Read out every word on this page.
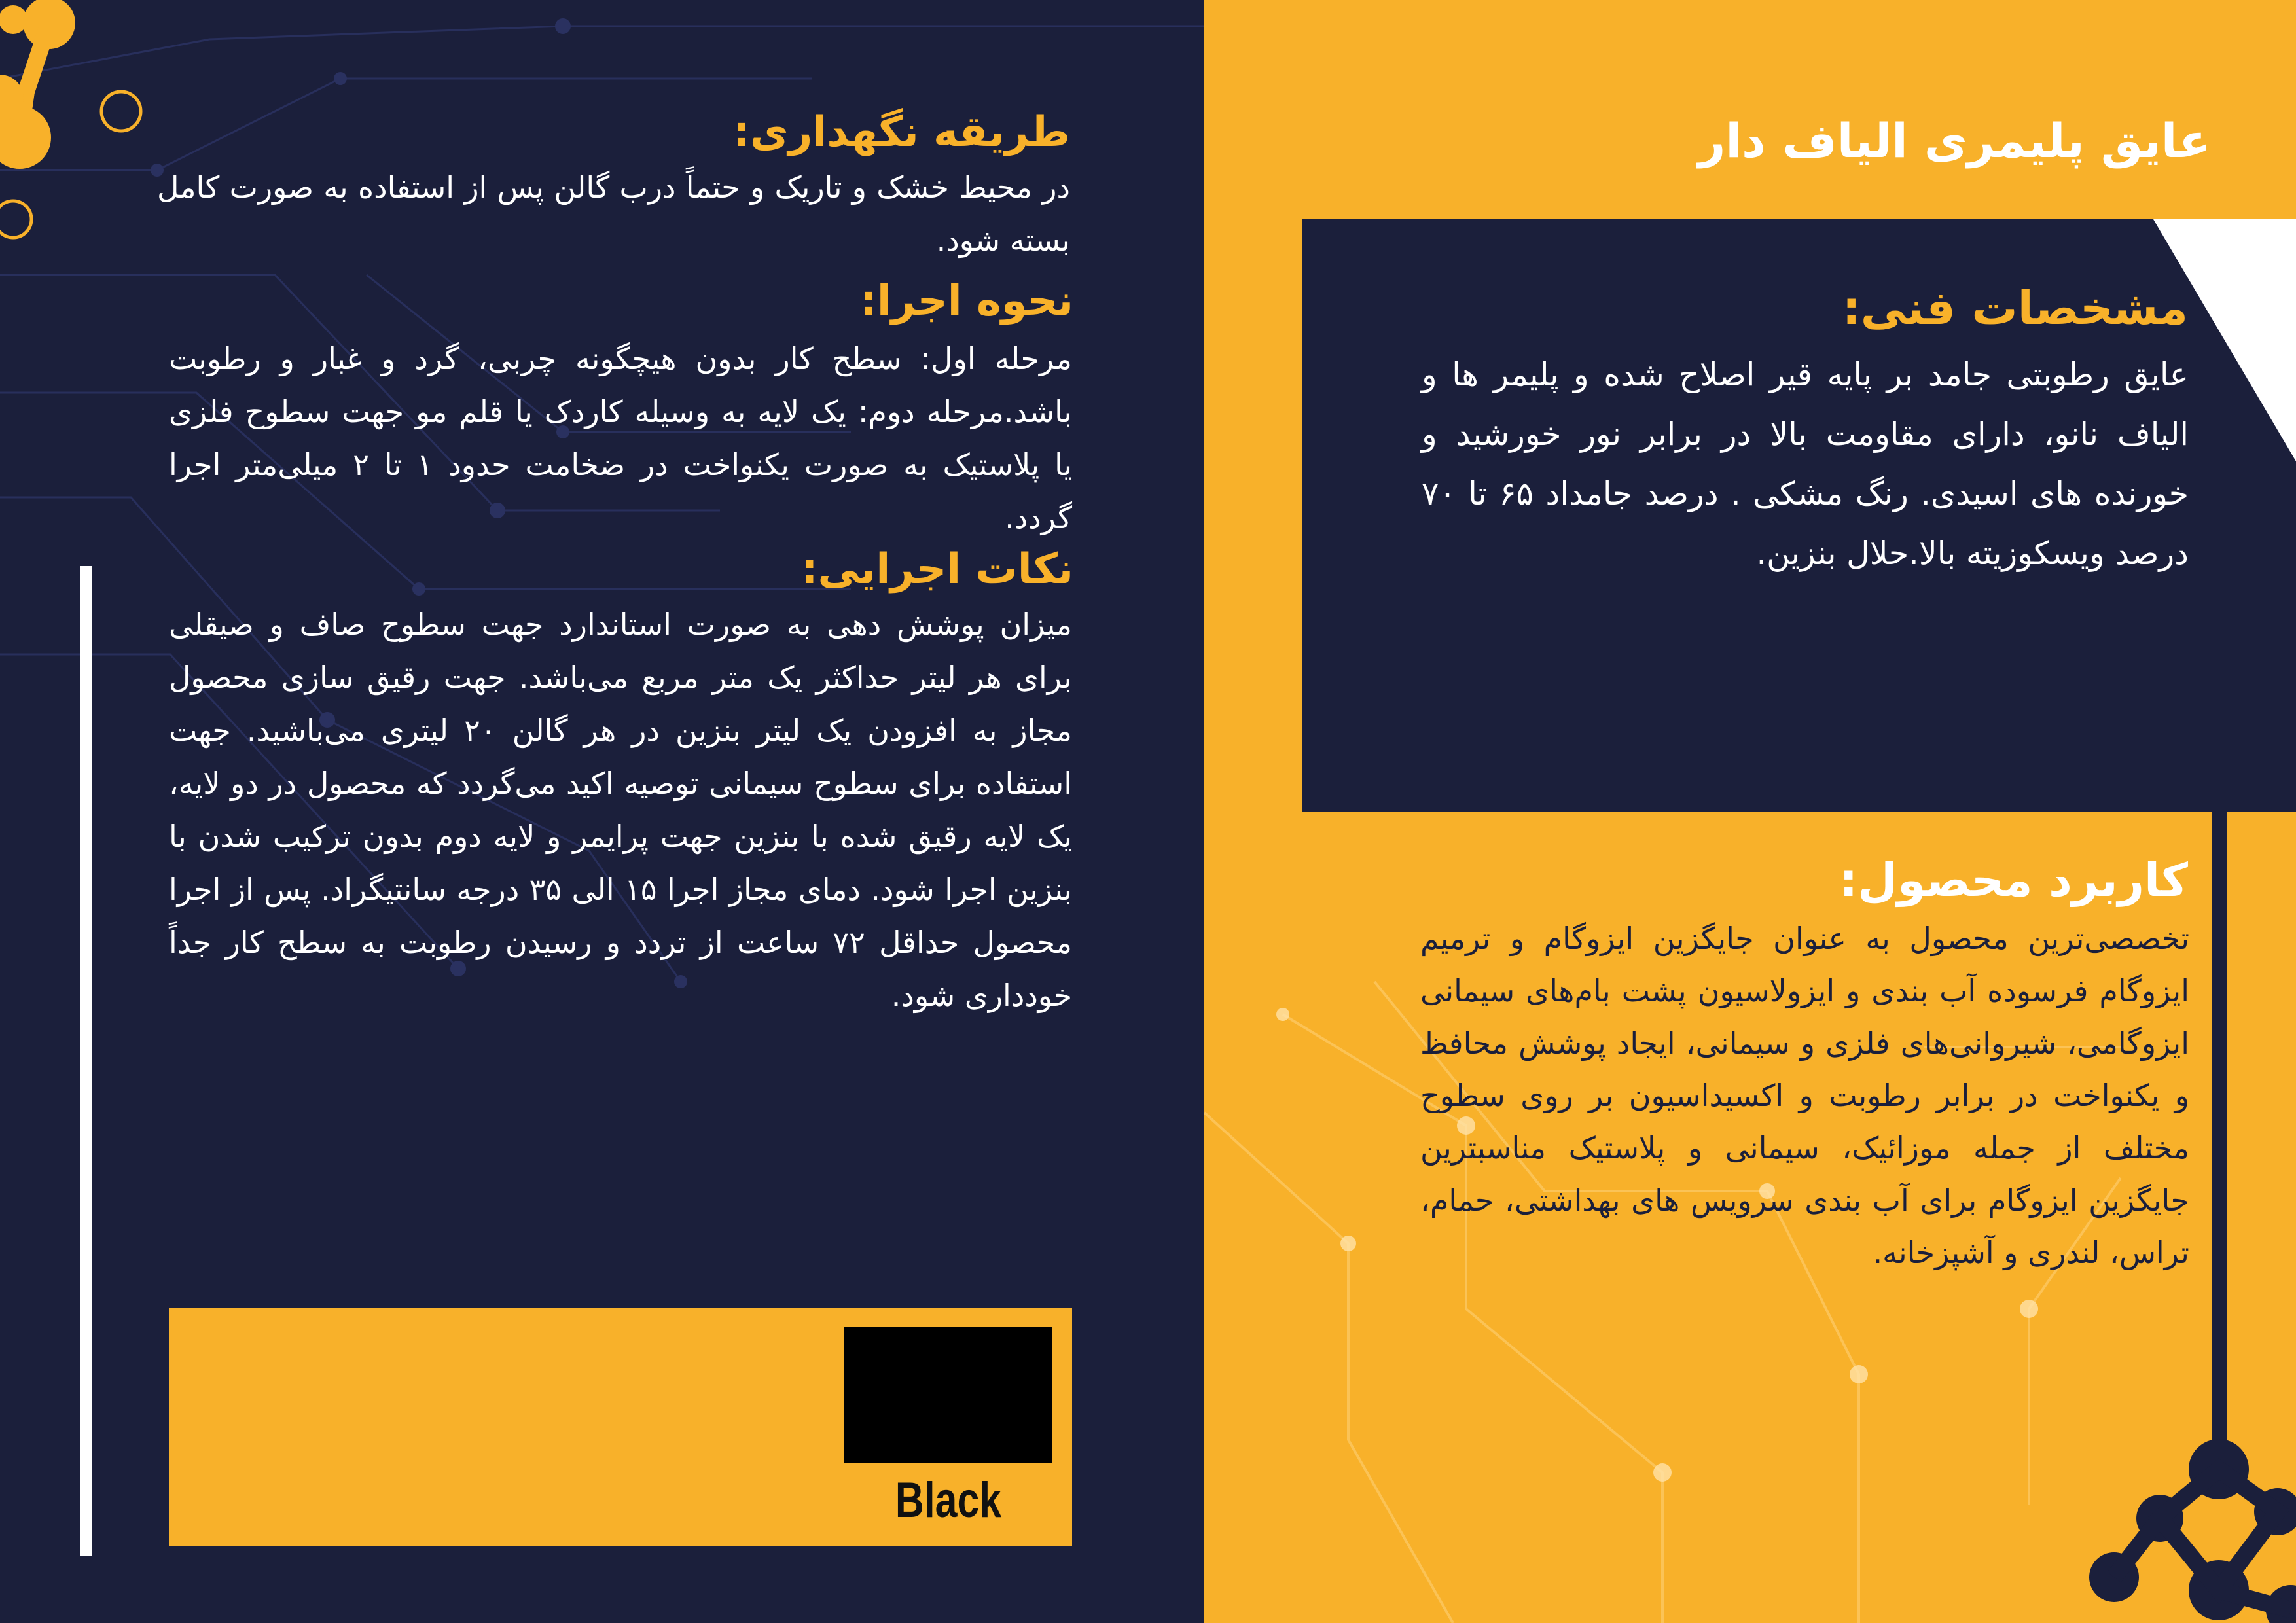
طریقه نگهداری:
در محیط خشک و تاریک و حتماً درب گالن پس از استفاده به صورت کامل بسته شود.
نحوه اجرا:
مرحله اول: سطح کار بدون هیچگونه چربی، گرد و غبار و رطوبت باشد.مرحله دوم: یک لایه به وسیله کاردک یا قلم مو جهت سطوح فلزی یا پلاستیک به صورت یکنواخت در ضخامت حدود ۱ تا ۲ میلی‌متر اجرا گردد.
نکات اجرایی:
میزان پوشش دهی به صورت استاندارد جهت سطوح صاف و صیقلی برای هر لیتر حداکثر یک متر مربع می‌باشد. جهت رقیق سازی محصول مجاز به افزودن یک لیتر بنزین در هر گالن ۲۰ لیتری می‌باشید. جهت استفاده برای سطوح سیمانی توصیه اکید می‌گردد که محصول در دو لایه، یک لایه رقیق شده با بنزین جهت پرایمر و لایه دوم بدون ترکیب شدن با بنزین اجرا شود. دمای مجاز اجرا ۱۵ الی ۳۵ درجه سانتیگراد. پس از اجرا محصول حداقل ۷۲ ساعت از تردد و رسیدن رطوبت به سطح کار جداً خودداری شود.
Black
عایق پلیمری الیاف دار
مشخصات فنی:
عایق رطوبتی جامد بر پایه قیر اصلاح شده و پلیمر ها و الیاف نانو، دارای مقاومت بالا در برابر نور خورشید و خورنده های اسیدی. رنگ مشکی . درصد جامداد ۶۵ تا ۷۰ درصد ویسکوزیته بالا.حلال بنزین.
کاربرد محصول:
تخصصی‌ترین محصول به عنوان جایگزین ایزوگام و ترمیم ایزوگام فرسوده آب بندی و ایزولاسیون پشت بام‌های سیمانی ایزوگامی، شیروانی‌های فلزی و سیمانی، ایجاد پوشش محافظ و یکنواخت در برابر رطوبت و اکسیداسیون بر روی سطوح مختلف از جمله موزائیک، سیمانی و پلاستیک مناسبترین جایگزین ایزوگام برای آب بندی سرویس های بهداشتی، حمام، تراس، لندری و آشپزخانه.
